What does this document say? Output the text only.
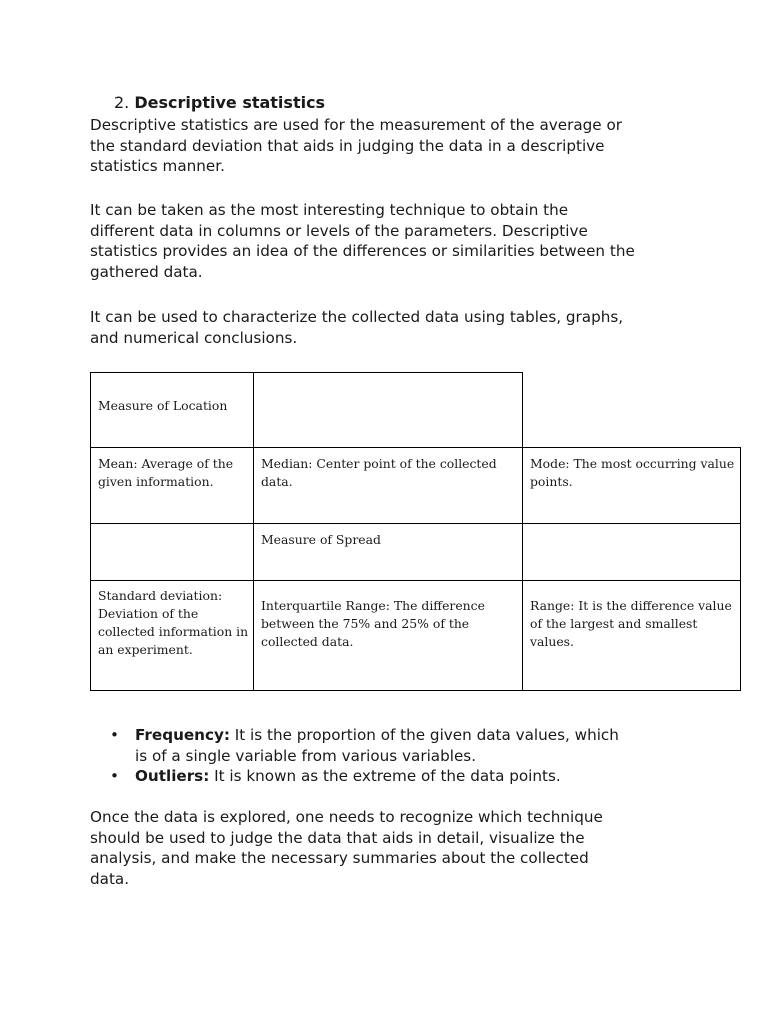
2. Descriptive statistics

Descriptive statistics are used for the measurement of the average or
the standard deviation that aids in judging the data in a descriptive
statistics manner.

It can be taken as the most interesting technique to obtain the
different data in columns or levels of the parameters. Descriptive
statistics provides an idea of the differences or similarities between the
gathered data.

It can be used to characterize the collected data using tables, graphs,
and numerical conclusions.

Measure of Location
Mean: Average of the
given information.
Median: Center point of the collected
data.
Mode: The most occurring value
points.
Measure of Spread
Standard deviation:
Deviation of the
collected information in
an experiment.
Interquartile Range: The difference
between the 75% and 25% of the
collected data.
Range: It is the difference value
of the largest and smallest
values.
• Frequency: It is the proportion of the given data values, which
is of a single variable from various variables.
• Outliers: It is known as the extreme of the data points.

Once the data is explored, one needs to recognize which technique
should be used to judge the data that aids in detail, visualize the
analysis, and make the necessary summaries about the collected
data.
